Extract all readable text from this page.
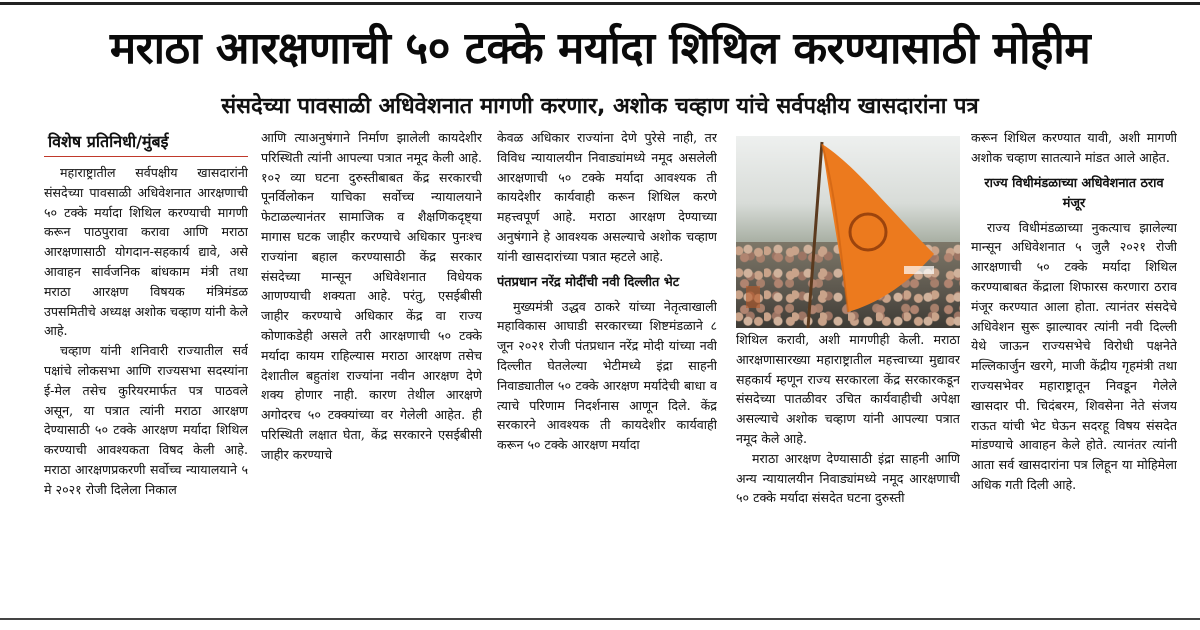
मराठा आरक्षणाची ५० टक्के मर्यादा शिथिल करण्यासाठी मोहीम
संसदेच्या पावसाळी अधिवेशनात मागणी करणार, अशोक चव्हाण यांचे सर्वपक्षीय खासदारांना पत्र
विशेष प्रतिनिधी/मुंबई

महाराष्ट्रातील सर्वपक्षीय खासदारांनी संसदेच्या पावसाळी अधिवेशनात आरक्षणाची ५० टक्के मर्यादा शिथिल करण्याची मागणी करून पाठपुरावा करावा आणि मराठा आरक्षणासाठी योगदान-सहकार्य द्यावे, असे आवाहन सार्वजनिक बांधकाम मंत्री तथा मराठा आरक्षण विषयक मंत्रिमंडळ उपसमितीचे अध्यक्ष अशोक चव्हाण यांनी केले आहे.

चव्हाण यांनी शनिवारी राज्यातील सर्व पक्षांचे लोकसभा आणि राज्यसभा सदस्यांना ई-मेल तसेच कुरियरमार्फत पत्र पाठवले असून, या पत्रात त्यांनी मराठा आरक्षण देण्यासाठी ५० टक्के आरक्षण मर्यादा शिथिल करण्याची आवश्यकता विषद केली आहे. मराठा आरक्षणप्रकरणी सर्वोच्च न्यायालयाने ५ मे २०२१ रोजी दिलेला निकाल

आणि त्याअनुषंगाने निर्माण झालेली कायदेशीर परिस्थिती त्यांनी आपल्या पत्रात नमूद केली आहे. १०२ व्या घटना दुरुस्तीबाबत केंद्र सरकारची पूनर्विलोकन याचिका सर्वोच्च न्यायालयाने फेटाळल्यानंतर सामाजिक व शैक्षणिकदृष्ट्या मागास घटक जाहीर करण्याचे अधिकार पुनःश्च राज्यांना बहाल करण्यासाठी केंद्र सरकार संसदेच्या मान्सून अधिवेशनात विधेयक आणण्याची शक्यता आहे. परंतु, एसईबीसी जाहीर करण्याचे अधिकार केंद्र वा राज्य कोणाकडेही असले तरी आरक्षणाची ५० टक्के मर्यादा कायम राहिल्यास मराठा आरक्षण तसेच देशातील बहुतांश राज्यांना नवीन आरक्षण देणे शक्य होणार नाही. कारण तेथील आरक्षणे अगोदरच ५० टक्क्यांच्या वर गेलेली आहेत. ही परिस्थिती लक्षात घेता, केंद्र सरकारने एसईबीसी जाहीर करण्याचे

केवळ अधिकार राज्यांना देणे पुरेसे नाही, तर विविध न्यायालयीन निवाड्यांमध्ये नमूद असलेली आरक्षणाची ५० टक्के मर्यादा आवश्यक ती कायदेशीर कार्यवाही करून शिथिल करणे महत्त्वपूर्ण आहे. मराठा आरक्षण देण्याच्या अनुषंगाने हे आवश्यक असल्याचे अशोक चव्हाण यांनी खासदारांच्या पत्रात म्हटले आहे.

पंतप्रधान नरेंद्र मोदींची नवी दिल्लीत भेट

मुख्यमंत्री उद्धव ठाकरे यांच्या नेतृत्वाखाली महाविकास आघाडी सरकारच्या शिष्टमंडळाने ८ जून २०२१ रोजी पंतप्रधान नरेंद्र मोदी यांच्या नवी दिल्लीत घेतलेल्या भेटीमध्ये इंद्रा साहनी निवाड्यातील ५० टक्के आरक्षण मर्यादेची बाधा व त्याचे परिणाम निदर्शनास आणून दिले. केंद्र सरकारने आवश्यक ती कायदेशीर कार्यवाही करून ५० टक्के आरक्षण मर्यादा

शिथिल करावी, अशी मागणीही केली. मराठा आरक्षणासारख्या महाराष्ट्रातील महत्त्वाच्या मुद्यावर सहकार्य म्हणून राज्य सरकारला केंद्र सरकारकडून संसदेच्या पातळीवर उचित कार्यवाहीची अपेक्षा असल्याचे अशोक चव्हाण यांनी आपल्या पत्रात नमूद केले आहे.

मराठा आरक्षण देण्यासाठी इंद्रा साहनी आणि अन्य न्यायालयीन निवाड्यांमध्ये नमूद आरक्षणाची ५० टक्के मर्यादा संसदेत घटना दुरुस्ती

करून शिथिल करण्यात यावी, अशी मागणी अशोक चव्हाण सातत्याने मांडत आले आहेत.

राज्य विधीमंडळाच्या अधिवेशनात ठराव मंजूर

राज्य विधीमंडळाच्या नुकत्याच झालेल्या मान्सून अधिवेशनात ५ जुलै २०२१ रोजी आरक्षणाची ५० टक्के मर्यादा शिथिल करण्याबाबत केंद्राला शिफारस करणारा ठराव मंजूर करण्यात आला होता. त्यानंतर संसदेचे अधिवेशन सुरू झाल्यावर त्यांनी नवी दिल्ली येथे जाऊन राज्यसभेचे विरोधी पक्षनेते मल्लिकार्जुन खरगे, माजी केंद्रीय गृहमंत्री तथा राज्यसभेवर महाराष्ट्रातून निवडून गेलेले खासदार पी. चिदंबरम, शिवसेना नेते संजय राऊत यांची भेट घेऊन सदरहू विषय संसदेत मांडण्याचे आवाहन केले होते. त्यानंतर त्यांनी आता सर्व खासदारांना पत्र लिहून या मोहिमेला अधिक गती दिली आहे.
